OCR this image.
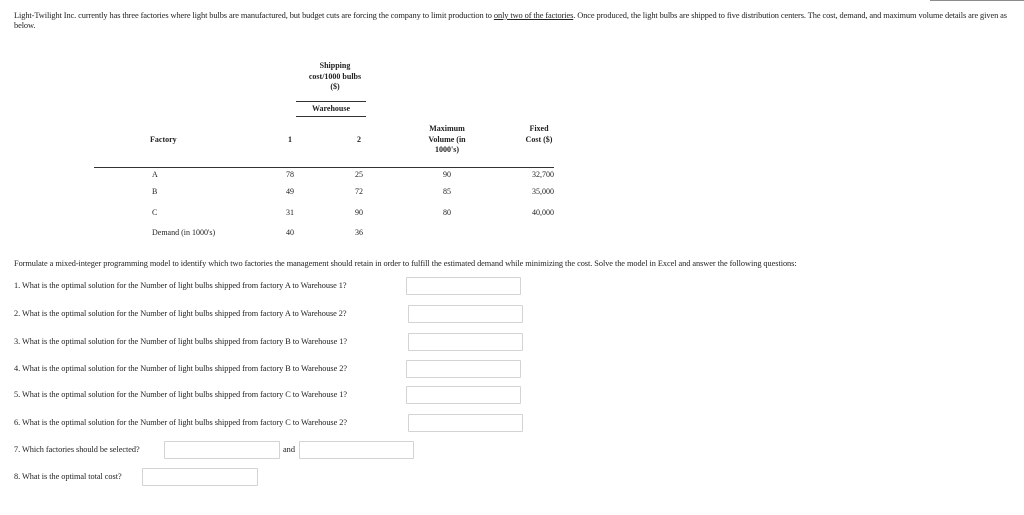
Light-Twilight Inc. currently has three factories where light bulbs are manufactured, but budget cuts are forcing the company to limit production to only two of the factories. Once produced, the light bulbs are shipped to five distribution centers. The cost, demand, and maximum volume details are given as below.
Shipping cost/1000 bulbs ($)
Warehouse
Factory	1	2
Maximum Volume (in 1000's)
Fixed Cost ($)
A	78	25	90	32,700
B	49	72	85	35,000
C	31	90	80	40,000
Demand (in 1000's)	40	36
Formulate a mixed-integer programming model to identify which two factories the management should retain in order to fulfill the estimated demand while minimizing the cost. Solve the model in Excel and answer the following questions:
1. What is the optimal solution for the Number of light bulbs shipped from factory A to Warehouse 1?
2. What is the optimal solution for the Number of light bulbs shipped from factory A to Warehouse 2?
3. What is the optimal solution for the Number of light bulbs shipped from factory B to Warehouse 1?
4. What is the optimal solution for the Number of light bulbs shipped from factory B to Warehouse 2?
5. What is the optimal solution for the Number of light bulbs shipped from factory C to Warehouse 1?
6. What is the optimal solution for the Number of light bulbs shipped from factory C to Warehouse 2?
7. Which factories should be selected?	and
8. What is the optimal total cost?
